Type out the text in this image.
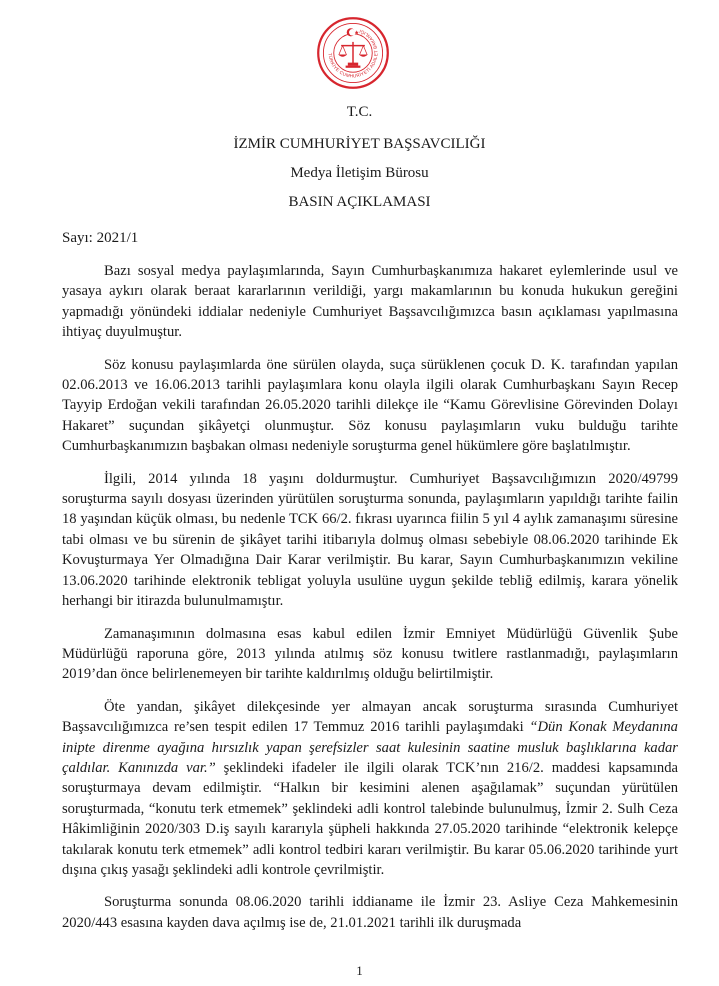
TÜRKİYE CUMHURİYETİ ADALET BAKANLIĞI
T.C.
İZMİR CUMHURİYET BAŞSAVCILIĞI
Medya İletişim Bürosu
BASIN AÇIKLAMASI
Sayı: 2021/1

Bazı sosyal medya paylaşımlarında, Sayın Cumhurbaşkanımıza hakaret eylemlerinde usul ve yasaya aykırı olarak beraat kararlarının verildiği, yargı makamlarının bu konuda hukukun gereğini yapmadığı yönündeki iddialar nedeniyle Cumhuriyet Başsavcılığımızca basın açıklaması yapılmasına ihtiyaç duyulmuştur.

Söz konusu paylaşımlarda öne sürülen olayda, suça sürüklenen çocuk D. K. tarafından yapılan 02.06.2013 ve 16.06.2013 tarihli paylaşımlara konu olayla ilgili olarak Cumhurbaşkanı Sayın Recep Tayyip Erdoğan vekili tarafından 26.05.2020 tarihli dilekçe ile “Kamu Görevlisine Görevinden Dolayı Hakaret” suçundan şikâyetçi olunmuştur. Söz konusu paylaşımların vuku bulduğu tarihte Cumhurbaşkanımızın başbakan olması nedeniyle soruşturma genel hükümlere göre başlatılmıştır.

İlgili, 2014 yılında 18 yaşını doldurmuştur. Cumhuriyet Başsavcılığımızın 2020/49799 soruşturma sayılı dosyası üzerinden yürütülen soruşturma sonunda, paylaşımların yapıldığı tarihte failin 18 yaşından küçük olması, bu nedenle TCK 66/2. fıkrası uyarınca fiilin 5 yıl 4 aylık zamanaşımı süresine tabi olması ve bu sürenin de şikâyet tarihi itibarıyla dolmuş olması sebebiyle 08.06.2020 tarihinde Ek Kovuşturmaya Yer Olmadığına Dair Karar verilmiştir. Bu karar, Sayın Cumhurbaşkanımızın vekiline 13.06.2020 tarihinde elektronik tebligat yoluyla usulüne uygun şekilde tebliğ edilmiş, karara yönelik herhangi bir itirazda bulunulmamıştır.

Zamanaşımının dolmasına esas kabul edilen İzmir Emniyet Müdürlüğü Güvenlik Şube Müdürlüğü raporuna göre, 2013 yılında atılmış söz konusu twitlere rastlanmadığı, paylaşımların 2019’dan önce belirlenemeyen bir tarihte kaldırılmış olduğu belirtilmiştir.

Öte yandan, şikâyet dilekçesinde yer almayan ancak soruşturma sırasında Cumhuriyet Başsavcılığımızca re’sen tespit edilen 17 Temmuz 2016 tarihli paylaşımdaki “Dün Konak Meydanına inipte direnme ayağına hırsızlık yapan şerefsizler saat kulesinin saatine musluk başlıklarına kadar çaldılar. Kanınızda var.” şeklindeki ifadeler ile ilgili olarak TCK’nın 216/2. maddesi kapsamında soruşturmaya devam edilmiştir. “Halkın bir kesimini alenen aşağılamak” suçundan yürütülen soruşturmada, “konutu terk etmemek” şeklindeki adli kontrol talebinde bulunulmuş, İzmir 2. Sulh Ceza Hâkimliğinin 2020/303 D.iş sayılı kararıyla şüpheli hakkında 27.05.2020 tarihinde “elektronik kelepçe takılarak konutu terk etmemek” adli kontrol tedbiri kararı verilmiştir. Bu karar 05.06.2020 tarihinde yurt dışına çıkış yasağı şeklindeki adli kontrole çevrilmiştir.

Soruşturma sonunda 08.06.2020 tarihli iddianame ile İzmir 23. Asliye Ceza Mahkemesinin 2020/443 esasına kayden dava açılmış ise de, 21.01.2021 tarihli ilk duruşmada

1
